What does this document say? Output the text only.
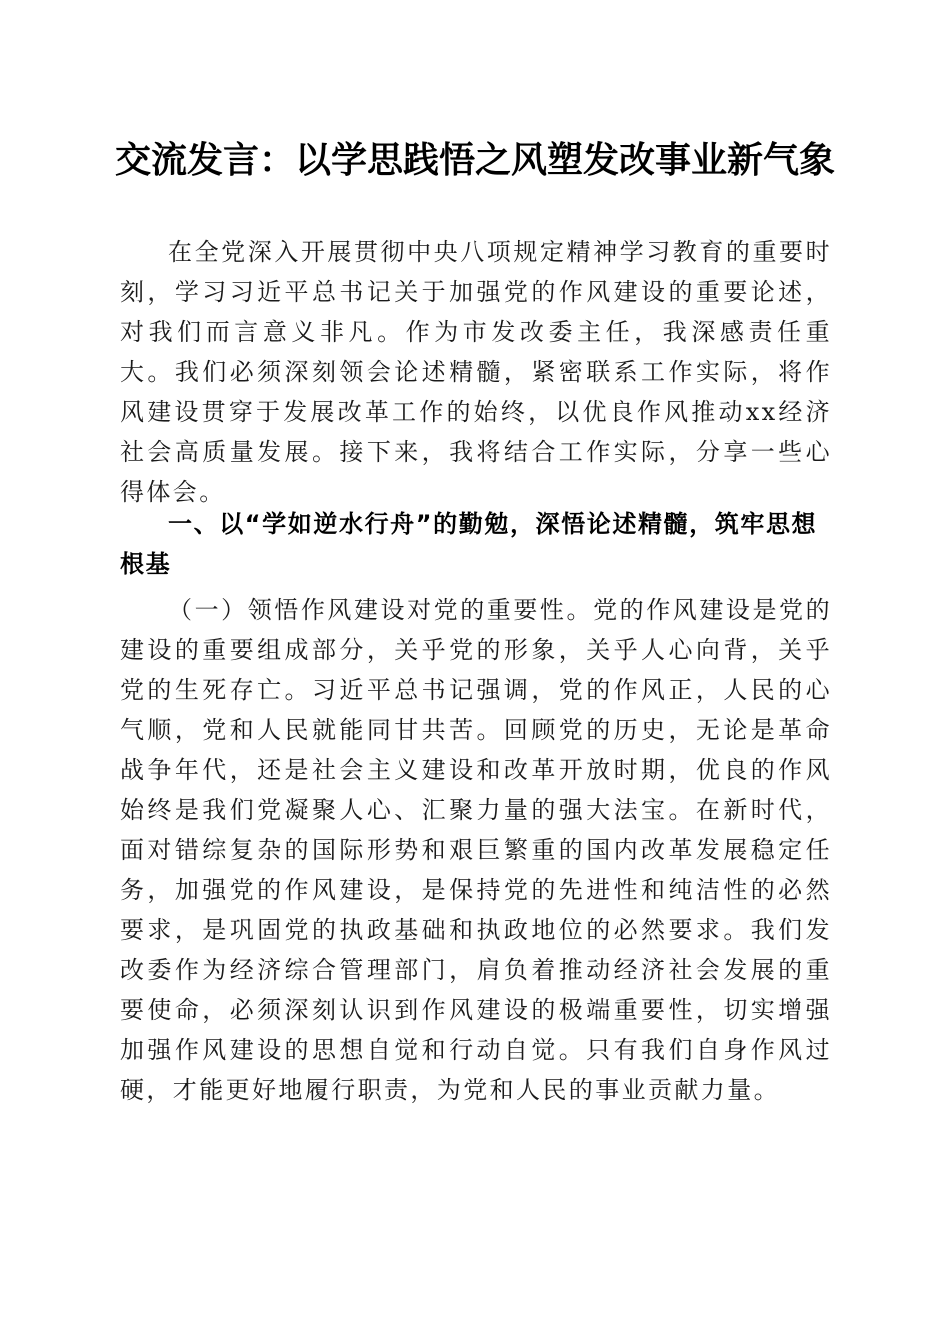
交流发言：以学思践悟之风塑发改事业新气象

在全党深入开展贯彻中央八项规定精神学习教育的重要时刻，学习习近平总书记关于加强党的作风建设的重要论述，对我们而言意义非凡。作为市发改委主任，我深感责任重大。我们必须深刻领会论述精髓，紧密联系工作实际，将作风建设贯穿于发展改革工作的始终，以优良作风推动xx经济社会高质量发展。接下来，我将结合工作实际，分享一些心得体会。

一、以“学如逆水行舟”的勤勉，深悟论述精髓，筑牢思想根基

（一）领悟作风建设对党的重要性。党的作风建设是党的建设的重要组成部分，关乎党的形象，关乎人心向背，关乎党的生死存亡。习近平总书记强调，党的作风正，人民的心气顺，党和人民就能同甘共苦。回顾党的历史，无论是革命战争年代，还是社会主义建设和改革开放时期，优良的作风始终是我们党凝聚人心、汇聚力量的强大法宝。在新时代，面对错综复杂的国际形势和艰巨繁重的国内改革发展稳定任务，加强党的作风建设，是保持党的先进性和纯洁性的必然要求，是巩固党的执政基础和执政地位的必然要求。我们发改委作为经济综合管理部门，肩负着推动经济社会发展的重要使命，必须深刻认识到作风建设的极端重要性，切实增强加强作风建设的思想自觉和行动自觉。只有我们自身作风过硬，才能更好地履行职责，为党和人民的事业贡献力量。
